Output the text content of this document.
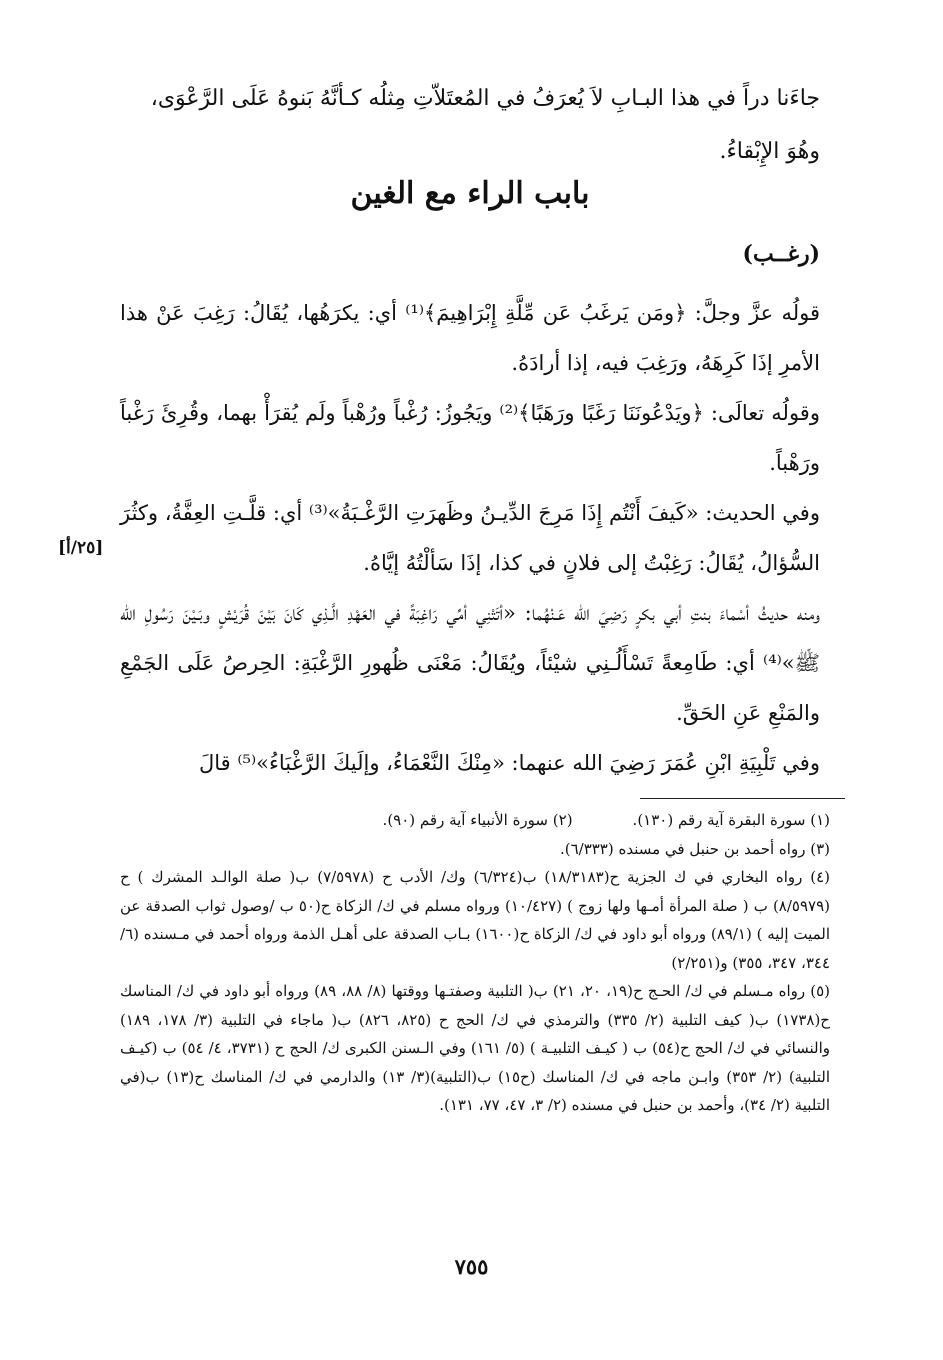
جاءَنا دراً في هذا البـابِ لاَ يُعرَفُ في المُعتَلاّتِ مِثلُه كـأنَّهُ بَنوهُ عَلَى الرَّعْوَى،

وهُوَ الإِبْقاءُ.

بابب الراء مع الغين
(رغــب)

قولُه عزَّ وجلَّ: ﴿ومَن يَرغَبُ عَن مِّلَّةِ إِبْرَاهِيمَ﴾⁽¹⁾ أي: يكرَهُها، يُقَالُ: رَغِبَ عَنْ هذا الأمرِ إذَا كَرِهَهُ، ورَغِبَ فيه، إذا أرادَهُ.

وقولُه تعالَى: ﴿ويَدْعُونَنَا رَغَبًا ورَهَبًا﴾⁽²⁾ ويَجُوزُ: رُغْباً ورُهْباً ولَم يُقرَأْ بهما، وقُرِئَ رَغْباً ورَهْباً.

وفي الحديث: «كَيفَ أَنْتُم إِذَا مَرِجَ الدِّيـنُ وظَهرَتِ الرَّغْـبَةُ»⁽³⁾ أي: قلَّـتِ العِفَّةُ، وكثُرَ السُّؤالُ، يُقَالُ: رَغِبْتُ إلى فلانٍ في كذا، إذَا سَألْتُهُ إيَّاهُ.

ومنه حديثُ أسْماءَ بنتِ أبي بكرٍ رَضِيَ الله عَـنْهُما: «أتَتْنِي أمِّي رَاغِبَةً في العَهْدِ الَّـذِي كَانَ بَيْنَ قُرَيْشٍ وبَـيْنَ رَسُولِ الله ﷺ»⁽⁴⁾ أي: طَامِعةً تَسْأَلُـنِي شيْئاً، ويُقَالُ: مَعْنَى ظُهورِ الرَّغْبَةِ: الحِرصُ عَلَى الجَمْعِ والمَنْعِ عَنِ الحَقِّ.

وفي تَلْبِيَةِ ابْنِ عُمَرَ رَضِيَ الله عنهما: «مِنْكَ النَّعْمَاءُ، وإلَيكَ الرَّغْبَاءُ»⁽⁵⁾ قالَ

[٢٥/أ]
(١) سورة البقرة آية رقم (١٣٠).
(٢) سورة الأنبياء آية رقم (٩٠).

(٣) رواه أحمد بن حنبل في مسنده (٦/٣٣٣).

(٤) رواه البخاري في ك الجزية ح(١٨/٣١٨٣) ب(٦/٣٢٤) وك/ الأدب ح (٧/٥٩٧٨) ب( صلة الوالـد المشرك ) ح (٨/٥٩٧٩) ب ( صلة المرأة أمـها ولها زوج ) (١٠/٤٢٧) ورواه مسلم في ك/ الزكاة ح(٥٠ ب /وصول ثواب الصدقة عن الميت إليه ) (٨٩/١) ورواه أبو داود في ك/ الزكاة ح(١٦٠٠) بـاب الصدقة على أهـل الذمة ورواه أحمد في مـسنده (٦/ ٣٤٤، ٣٤٧، ٣٥٥) و(٢/٢٥١)

(٥) رواه مـسلم في ك/ الحـج ح(١٩، ٢٠، ٢١) ب( التلبية وصفتـها ووقتها (٨/ ٨٨، ٨٩) ورواه أبو داود في ك/ المناسك ح(١٧٣٨) ب( كيف التلبية (٢/ ٣٣٥) والترمذي في ك/ الحج ح (٨٢٥، ٨٢٦) ب( ماجاء في التلبية (٣/ ١٧٨، ١٨٩) والنسائي في ك/ الحج ح(٥٤) ب ( كيـف التلبيـة ) (٥/ ١٦١) وفي الـسنن الكبرى ك/ الحج ح (٣٧٣١، ٤/ ٥٤) ب (كيـف التلبية) (٢/ ٣٥٣) وابـن ماجه في ك/ المناسك (ح١٥) ب(التلبية)(٣/ ١٣) والدارمي في ك/ المناسك ح(١٣) ب(في التلبية (٢/ ٣٤)، وأحمد بن حنبل في مسنده (٢/ ٣، ٤٧، ٧٧، ١٣١).

٧٥٥
